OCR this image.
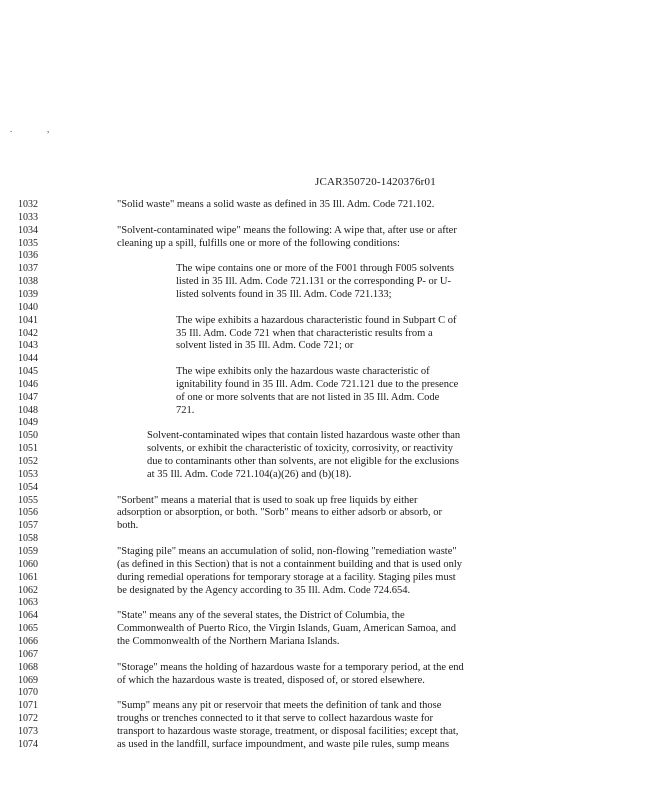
.	,
JCAR350720-1420376r01
1032	"Solid waste" means a solid waste as defined in 35 Ill. Adm. Code 721.102.
1033
1034	"Solvent-contaminated wipe" means the following: A wipe that, after use or after
1035	cleaning up a spill, fulfills one or more of the following conditions:
1036
1037	The wipe contains one or more of the F001 through F005 solvents
1038	listed in 35 Ill. Adm. Code 721.131 or the corresponding P- or U-
1039	listed solvents found in 35 Ill. Adm. Code 721.133;
1040
1041	The wipe exhibits a hazardous characteristic found in Subpart C of
1042	35 Ill. Adm. Code 721 when that characteristic results from a
1043	solvent listed in 35 Ill. Adm. Code 721; or
1044
1045	The wipe exhibits only the hazardous waste characteristic of
1046	ignitability found in 35 Ill. Adm. Code 721.121 due to the presence
1047	of one or more solvents that are not listed in 35 Ill. Adm. Code
1048	721.
1049
1050	Solvent-contaminated wipes that contain listed hazardous waste other than
1051	solvents, or exhibit the characteristic of toxicity, corrosivity, or reactivity
1052	due to contaminants other than solvents, are not eligible for the exclusions
1053	at 35 Ill. Adm. Code 721.104(a)(26) and (b)(18).
1054
1055	"Sorbent" means a material that is used to soak up free liquids by either
1056	adsorption or absorption, or both. "Sorb" means to either adsorb or absorb, or
1057	both.
1058
1059	"Staging pile" means an accumulation of solid, non-flowing "remediation waste"
1060	(as defined in this Section) that is not a containment building and that is used only
1061	during remedial operations for temporary storage at a facility. Staging piles must
1062	be designated by the Agency according to 35 Ill. Adm. Code 724.654.
1063
1064	"State" means any of the several states, the District of Columbia, the
1065	Commonwealth of Puerto Rico, the Virgin Islands, Guam, American Samoa, and
1066	the Commonwealth of the Northern Mariana Islands.
1067
1068	"Storage" means the holding of hazardous waste for a temporary period, at the end
1069	of which the hazardous waste is treated, disposed of, or stored elsewhere.
1070
1071	"Sump" means any pit or reservoir that meets the definition of tank and those
1072	troughs or trenches connected to it that serve to collect hazardous waste for
1073	transport to hazardous waste storage, treatment, or disposal facilities; except that,
1074	as used in the landfill, surface impoundment, and waste pile rules, sump means
